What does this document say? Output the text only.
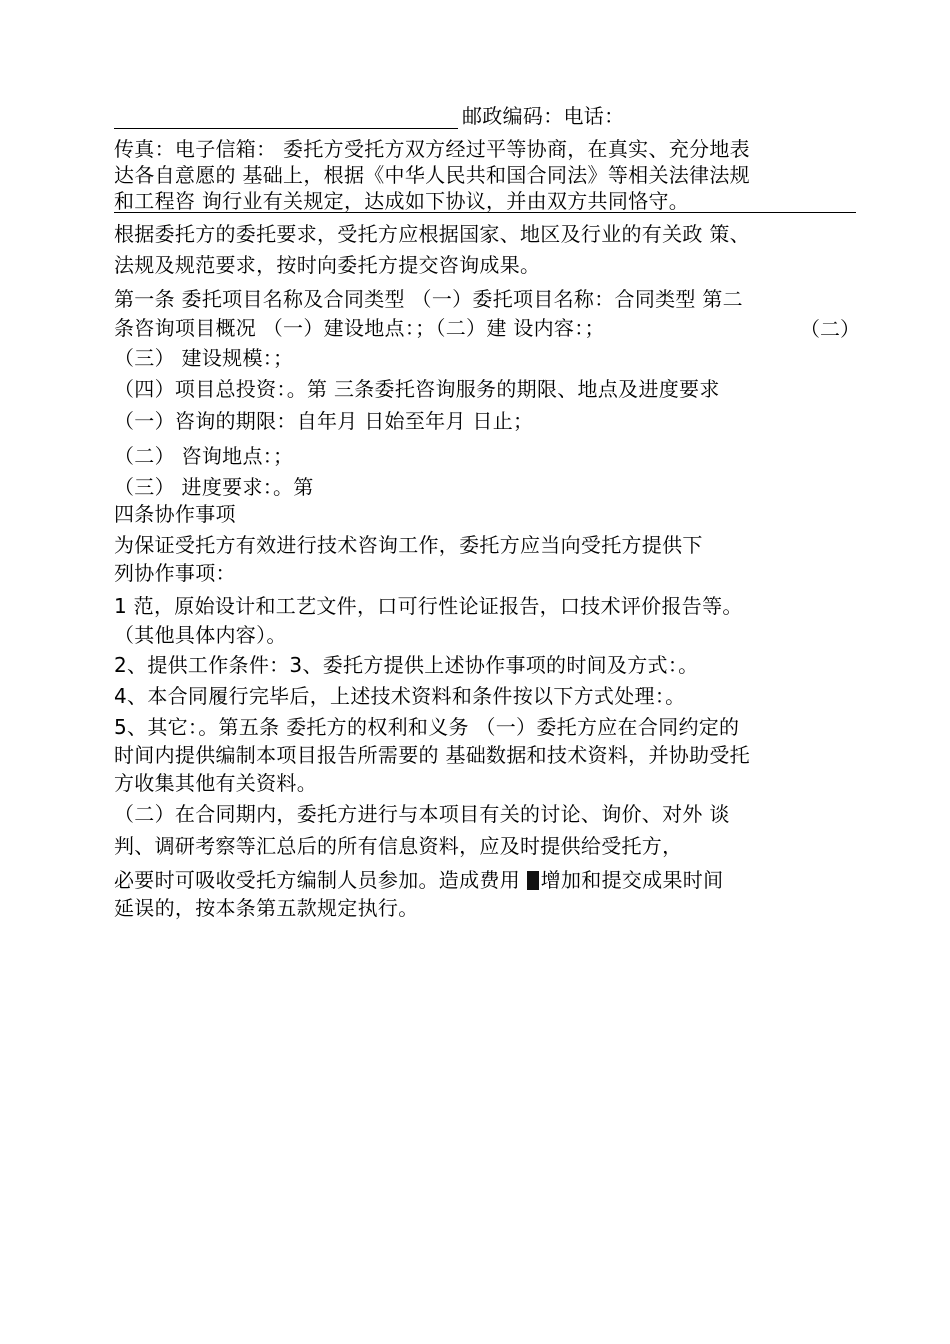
邮政编码：电话：
传真：电子信箱： 委托方受托方双方经过平等协商，在真实、充分地表
达各自意愿的 基础上，根据《中华人民共和国合同法》等相关法律法规
和工程咨 询行业有关规定，达成如下协议，并由双方共同恪守。
根据委托方的委托要求，受托方应根据国家、地区及行业的有关政 策、
法规及规范要求，按时向委托方提交咨询成果。
第一条 委托项目名称及合同类型 （一）委托项目名称：合同类型 第二
条咨询项目概况 （一）建设地点：；（二）建 设内容：；	（二）
（三） 建设规模：；
（四）项目总投资：。第 三条委托咨询服务的期限、地点及进度要求
（一）咨询的期限：自年月 日始至年月 日止；
（二） 咨询地点：；
（三） 进度要求：。第
四条协作事项
为保证受托方有效进行技术咨询工作，委托方应当向受托方提供下
列协作事项：
1 范，原始设计和工艺文件，口可行性论证报告，口技术评价报告等。
（其他具体内容）。
2、提供工作条件：3、委托方提供上述协作事项的时间及方式：。
4、本合同履行完毕后，上述技术资料和条件按以下方式处理：。
5、其它：。第五条 委托方的权利和义务 （一）委托方应在合同约定的
时间内提供编制本项目报告所需要的 基础数据和技术资料，并协助受托
方收集其他有关资料。
（二）在合同期内，委托方进行与本项目有关的讨论、询价、对外 谈
判、调研考察等汇总后的所有信息资料，应及时提供给受托方，
必要时可吸收受托方编制人员参加。造成费用 增加和提交成果时间
延误的，按本条第五款规定执行。
